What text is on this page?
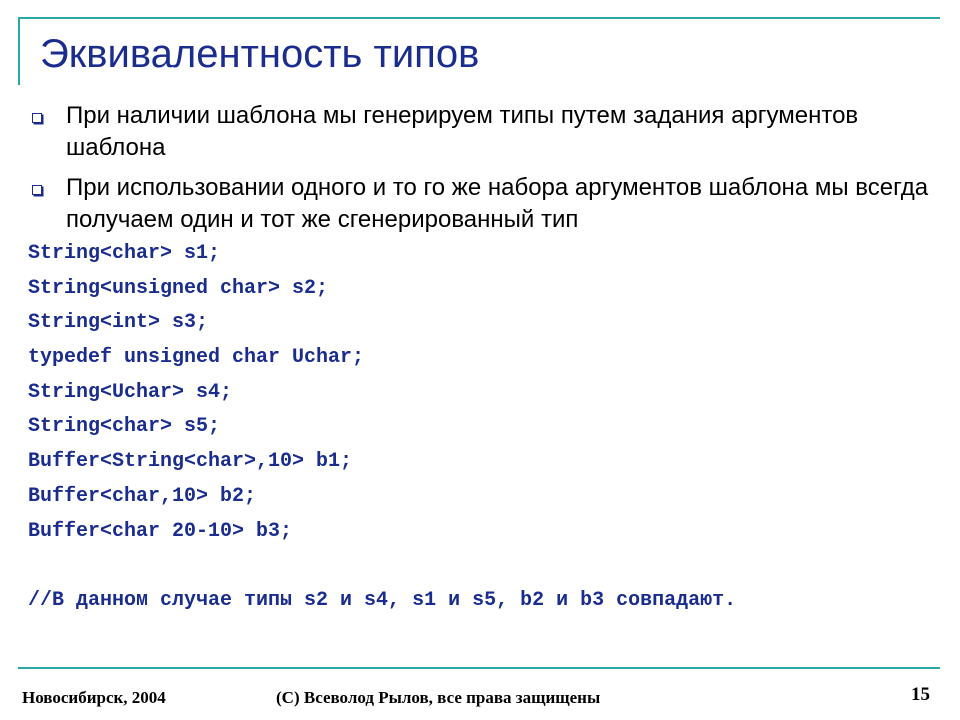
Эквивалентность типов
При наличии шаблона мы генерируем типы путем задания аргументов шаблона
При использовании одного и то го же набора аргументов шаблона мы всегда получаем один и тот же сгенерированный тип
String<char> s1;
String<unsigned char> s2;
String<int> s3;
typedef unsigned char Uchar;
String<Uchar> s4;
String<char> s5;
Buffer<String<char>,10> b1;
Buffer<char,10> b2;
Buffer<char 20-10> b3;
//В данном случае типы s2 и s4, s1 и s5, b2 и b3 совпадают.
Новосибирск, 2004	(C) Всеволод Рылов, все права защищены	15
